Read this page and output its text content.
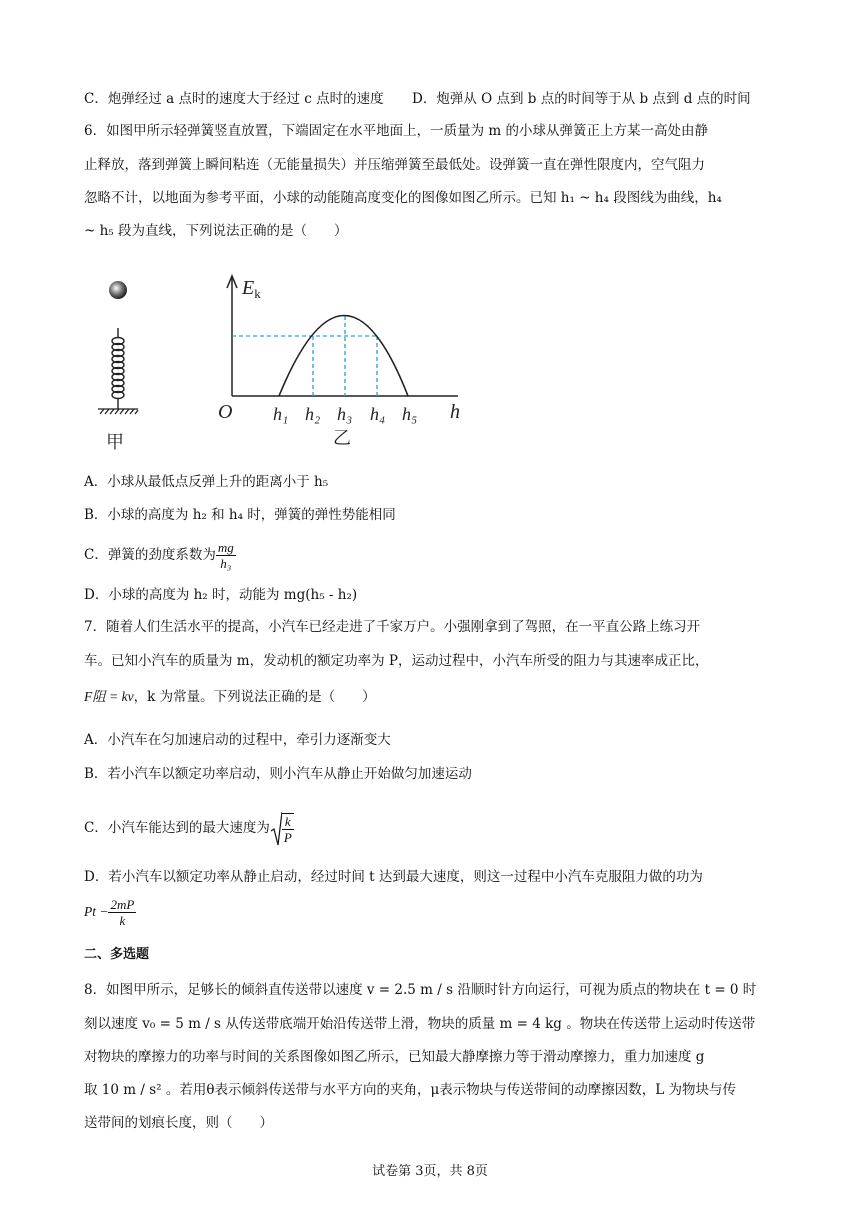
C．炮弹经过 a 点时的速度大于经过 c 点时的速度 D．炮弹从 O 点到 b 点的时间等于从 b 点到 d 点的时间
6．如图甲所示轻弹簧竖直放置，下端固定在水平地面上，一质量为 m 的小球从弹簧正上方某一高处由静
止释放，落到弹簧上瞬间粘连（无能量损失）并压缩弹簧至最低处。设弹簧一直在弹性限度内，空气阻力
忽略不计，以地面为参考平面，小球的动能随高度变化的图像如图乙所示。已知 h₁ ~ h₄ 段图线为曲线，h₄
~ h₅ 段为直线，下列说法正确的是（　　）
甲
$E_k$
h
O h₁ h₂ h₃ h₄ h₅
乙
A．小球从最低点反弹上升的距离小于 h₅
B．小球的高度为 h₂ 和 h₄ 时，弹簧的弹性势能相同
C．弹簧的劲度系数为 $\frac{mg}{\text{h₃}}$
D．小球的高度为 h₂ 时，动能为 mg(h₅ - h₂)
7．随着人们生活水平的提高，小汽车已经走进了千家万户。小强刚拿到了驾照，在一平直公路上练习开
车。已知小汽车的质量为 m，发动机的额定功率为 P，运动过程中，小汽车所受的阻力与其速率成正比，
F阻 = kv，k 为常量。下列说法正确的是（　　）
A．小汽车在匀加速启动的过程中，牵引力逐渐变大
B．若小汽车以额定功率启动，则小汽车从静止开始做匀加速运动
C．小汽车能达到的最大速度为 $\frac{k}{P}$
D．若小汽车以额定功率从静止启动，经过时间 t 达到最大速度，则这一过程中小汽车克服阻力做的功为
$Pt - \frac{2mP}{k}$
二、多选题
8．如图甲所示，足够长的倾斜直传送带以速度 v = 2.5 m / s 沿顺时针方向运行，可视为质点的物块在 t = 0 时
刻以速度 v₀ = 5 m / s 从传送带底端开始沿传送带上滑，物块的质量 m = 4 kg 。物块在传送带上运动时传送带
对物块的摩擦力的功率与时间的关系图像如图乙所示，已知最大静摩擦力等于滑动摩擦力，重力加速度 g
取 10 m / s² 。若用θ表示倾斜传送带与水平方向的夹角，μ表示物块与传送带间的动摩擦因数，L 为物块与传
送带间的划痕长度，则（　　）
试卷第 3页，共 8页
